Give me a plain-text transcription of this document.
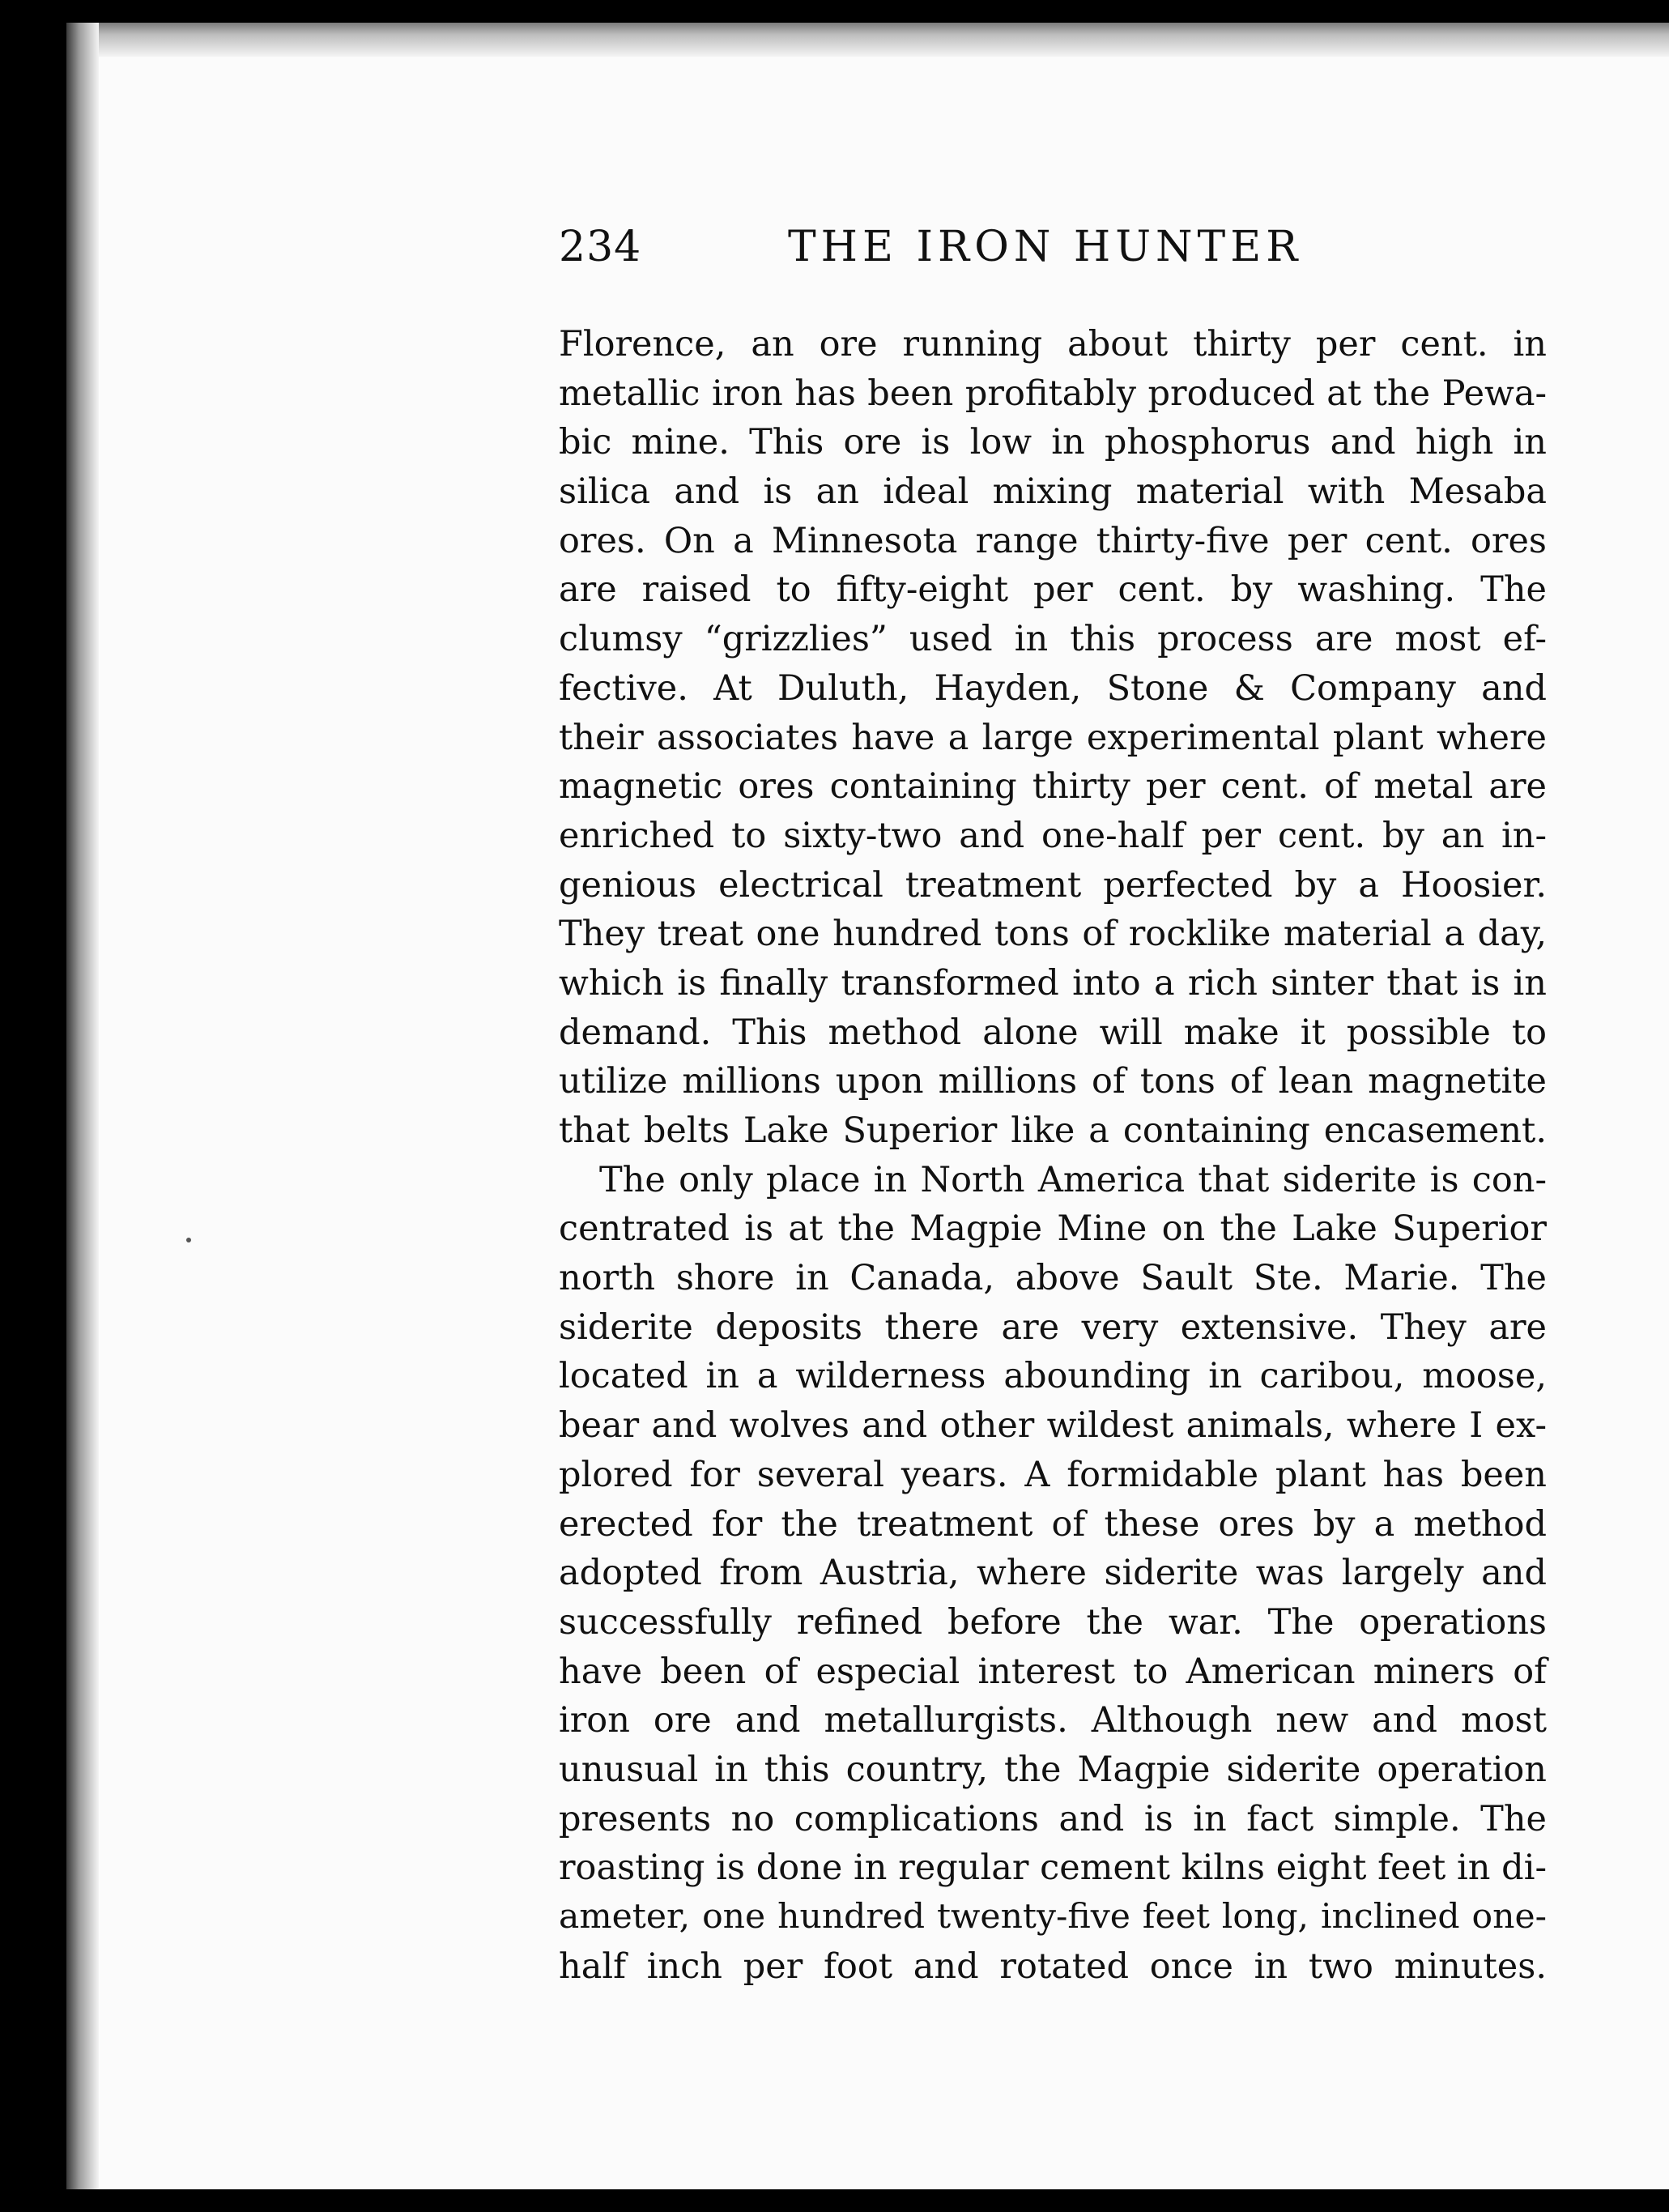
234	THE IRON HUNTER
Florence, an ore running about thirty per cent. in
metallic iron has been profitably produced at the Pewa-
bic mine. This ore is low in phosphorus and high in
silica and is an ideal mixing material with Mesaba
ores. On a Minnesota range thirty-five per cent. ores
are raised to fifty-eight per cent. by washing. The
clumsy “grizzlies” used in this process are most ef-
fective. At Duluth, Hayden, Stone & Company and
their associates have a large experimental plant where
magnetic ores containing thirty per cent. of metal are
enriched to sixty-two and one-half per cent. by an in-
genious electrical treatment perfected by a Hoosier.
They treat one hundred tons of rocklike material a day,
which is finally transformed into a rich sinter that is in
demand. This method alone will make it possible to
utilize millions upon millions of tons of lean magnetite
that belts Lake Superior like a containing encasement.
The only place in North America that siderite is con-
centrated is at the Magpie Mine on the Lake Superior
north shore in Canada, above Sault Ste. Marie. The
siderite deposits there are very extensive. They are
located in a wilderness abounding in caribou, moose,
bear and wolves and other wildest animals, where I ex-
plored for several years. A formidable plant has been
erected for the treatment of these ores by a method
adopted from Austria, where siderite was largely and
successfully refined before the war. The operations
have been of especial interest to American miners of
iron ore and metallurgists. Although new and most
unusual in this country, the Magpie siderite operation
presents no complications and is in fact simple. The
roasting is done in regular cement kilns eight feet in di-
ameter, one hundred twenty-five feet long, inclined one-
half inch per foot and rotated once in two minutes.
